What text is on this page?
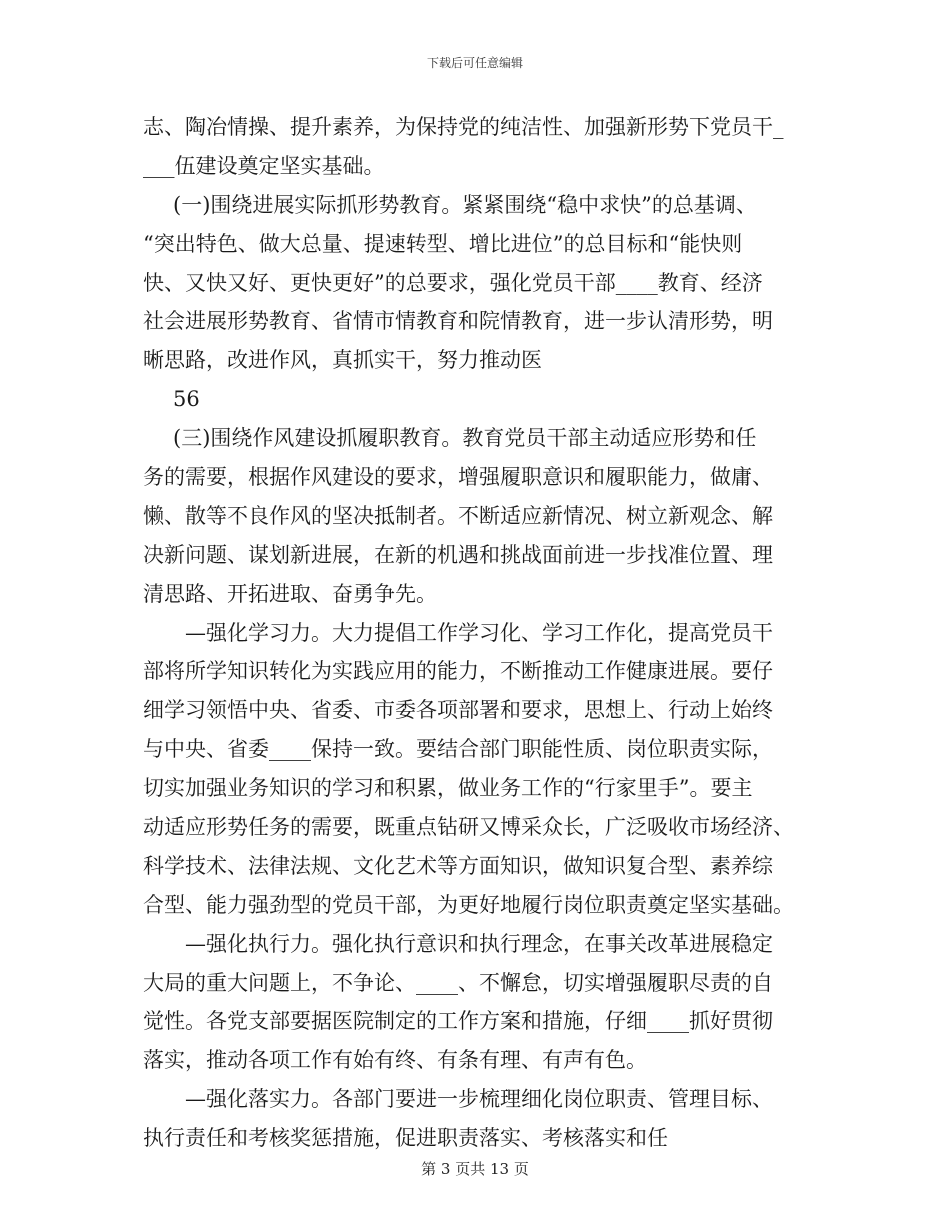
下载后可任意编辑
志、陶冶情操、提升素养，为保持党的纯洁性、加强新形势下党员干_
___伍建设奠定坚实基础。
(一)围绕进展实际抓形势教育。紧紧围绕“稳中求快”的总基调、
“突出特色、做大总量、提速转型、增比进位”的总目标和“能快则
快、又快又好、更快更好”的总要求，强化党员干部____教育、经济
社会进展形势教育、省情市情教育和院情教育，进一步认清形势，明
晰思路，改进作风，真抓实干，努力推动医
56
(三)围绕作风建设抓履职教育。教育党员干部主动适应形势和任
务的需要，根据作风建设的要求，增强履职意识和履职能力，做庸、
懒、散等不良作风的坚决抵制者。不断适应新情况、树立新观念、解
决新问题、谋划新进展，在新的机遇和挑战面前进一步找准位置、理
清思路、开拓进取、奋勇争先。
—强化学习力。大力提倡工作学习化、学习工作化，提高党员干
部将所学知识转化为实践应用的能力，不断推动工作健康进展。要仔
细学习领悟中央、省委、市委各项部署和要求，思想上、行动上始终
与中央、省委____保持一致。要结合部门职能性质、岗位职责实际，
切实加强业务知识的学习和积累，做业务工作的“行家里手”。要主
动适应形势任务的需要，既重点钻研又博采众长，广泛吸收市场经济、
科学技术、法律法规、文化艺术等方面知识，做知识复合型、素养综
合型、能力强劲型的党员干部，为更好地履行岗位职责奠定坚实基础。
—强化执行力。强化执行意识和执行理念，在事关改革进展稳定
大局的重大问题上，不争论、____、不懈怠，切实增强履职尽责的自
觉性。各党支部要据医院制定的工作方案和措施，仔细____抓好贯彻
落实，推动各项工作有始有终、有条有理、有声有色。
—强化落实力。各部门要进一步梳理细化岗位职责、管理目标、
执行责任和考核奖惩措施，促进职责落实、考核落实和任
第 3 页共 13 页
